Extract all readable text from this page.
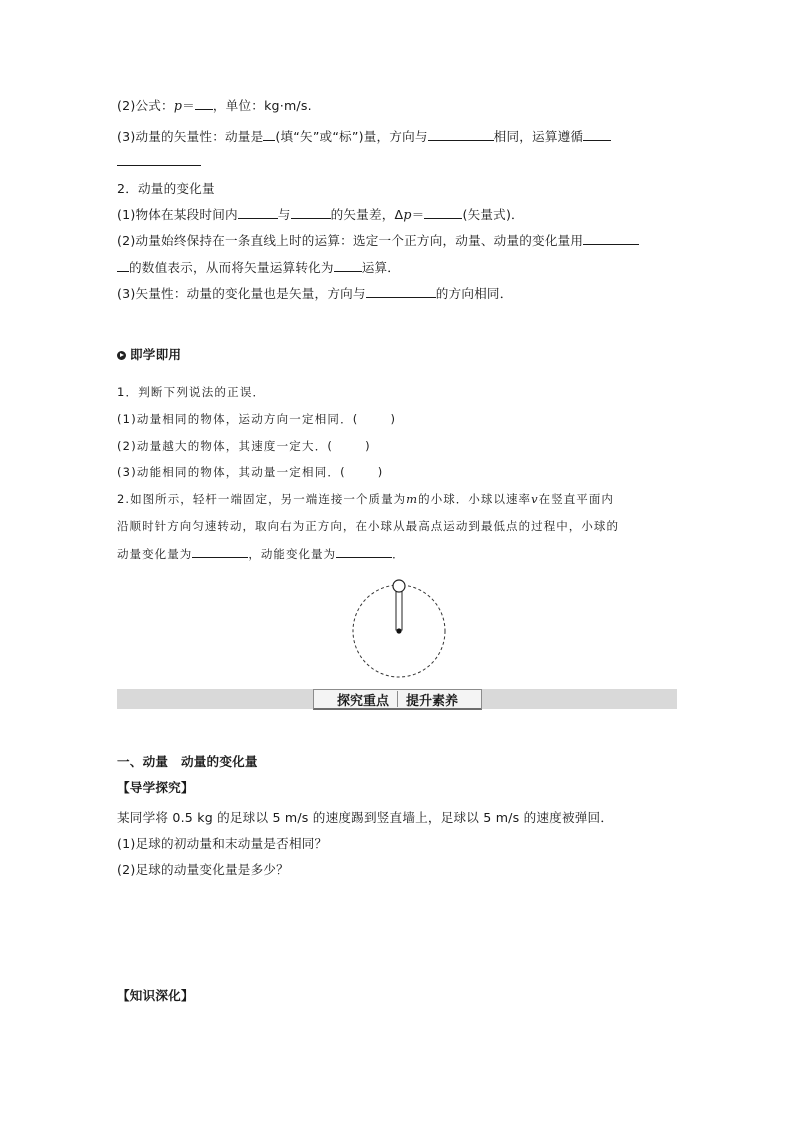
(2)公式：p＝ ，单位：kg·m/s.
(3)动量的矢量性：动量是 (填“矢”或“标”)量，方向与	相同，运算遵循
2．动量的变化量
(1)物体在某段时间内	与	的矢量差，Δp＝	(矢量式)．
(2)动量始终保持在一条直线上时的运算：选定一个正方向，动量、动量的变化量用
的数值表示，从而将矢量运算转化为 运算．
(3)矢量性：动量的变化量也是矢量，方向与	的方向相同．
即学即用
1．判断下列说法的正误．
(1)动量相同的物体，运动方向一定相同．(	)
(2)动量越大的物体，其速度一定大．(	)
(3)动能相同的物体，其动量一定相同．(	)
2.如图所示，轻杆一端固定，另一端连接一个质量为m的小球．小球以速率v在竖直平面内
沿顺时针方向匀速转动，取向右为正方向，在小球从最高点运动到最低点的过程中，小球的
动量变化量为	，动能变化量为	．
探究重点 提升素养
一、动量　动量的变化量
【导学探究】
某同学将 0.5 kg 的足球以 5 m/s 的速度踢到竖直墙上，足球以 5 m/s 的速度被弹回．
(1)足球的初动量和末动量是否相同？
(2)足球的动量变化量是多少？
【知识深化】
